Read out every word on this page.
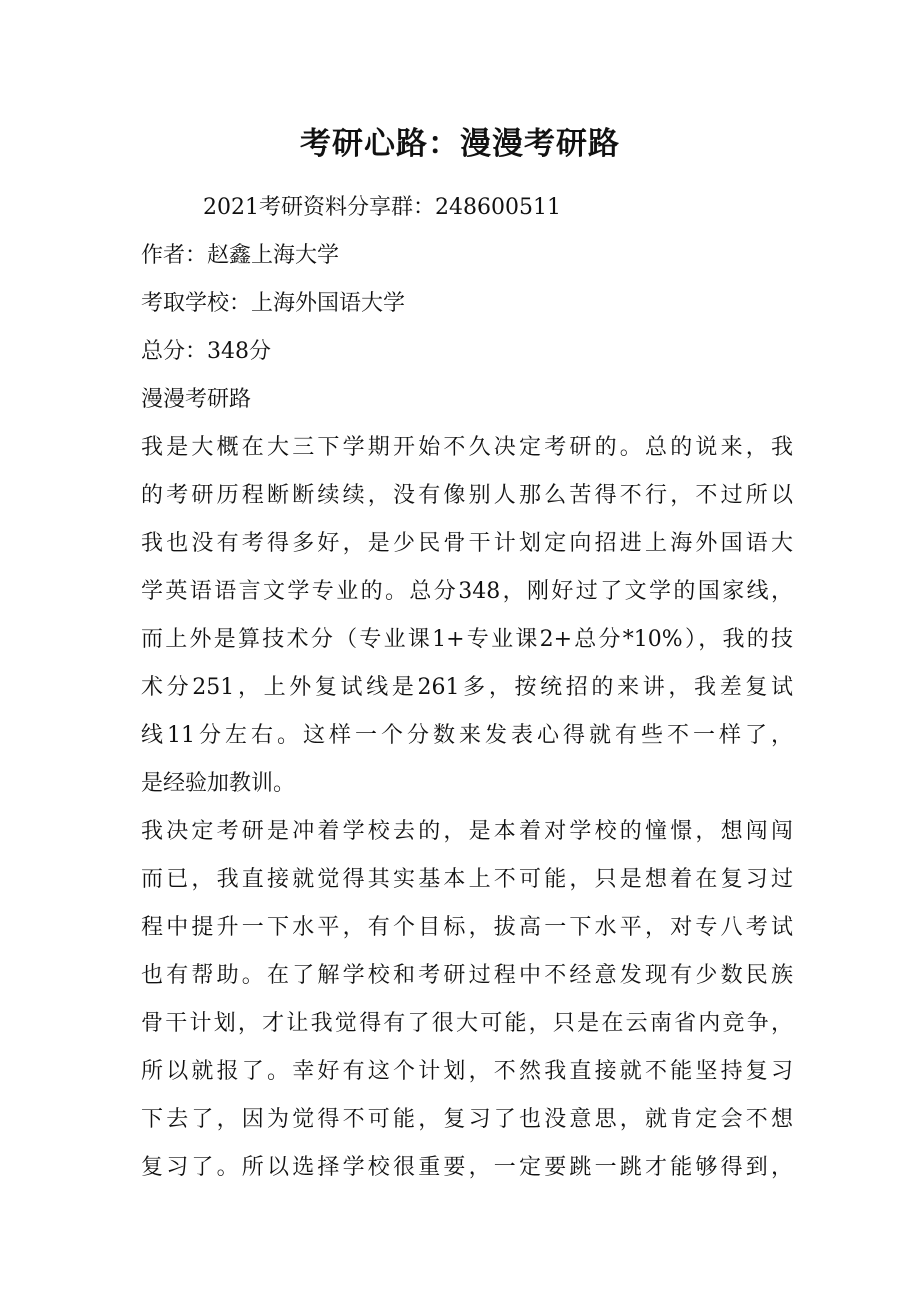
考研心路：漫漫考研路
2021考研资料分享群：248600511
作者：赵鑫上海大学
考取学校：上海外国语大学
总分：348分
漫漫考研路
我是大概在大三下学期开始不久决定考研的。总的说来，我
的考研历程断断续续，没有像别人那么苦得不行，不过所以
我也没有考得多好，是少民骨干计划定向招进上海外国语大
学英语语言文学专业的。总分348，刚好过了文学的国家线，
而上外是算技术分（专业课1+专业课2+总分*10%），我的技
术分251，上外复试线是261多，按统招的来讲，我差复试
线11分左右。这样一个分数来发表心得就有些不一样了，
是经验加教训。
我决定考研是冲着学校去的，是本着对学校的憧憬，想闯闯
而已，我直接就觉得其实基本上不可能，只是想着在复习过
程中提升一下水平，有个目标，拔高一下水平，对专八考试
也有帮助。在了解学校和考研过程中不经意发现有少数民族
骨干计划，才让我觉得有了很大可能，只是在云南省内竞争，
所以就报了。幸好有这个计划，不然我直接就不能坚持复习
下去了，因为觉得不可能，复习了也没意思，就肯定会不想
复习了。所以选择学校很重要，一定要跳一跳才能够得到，
